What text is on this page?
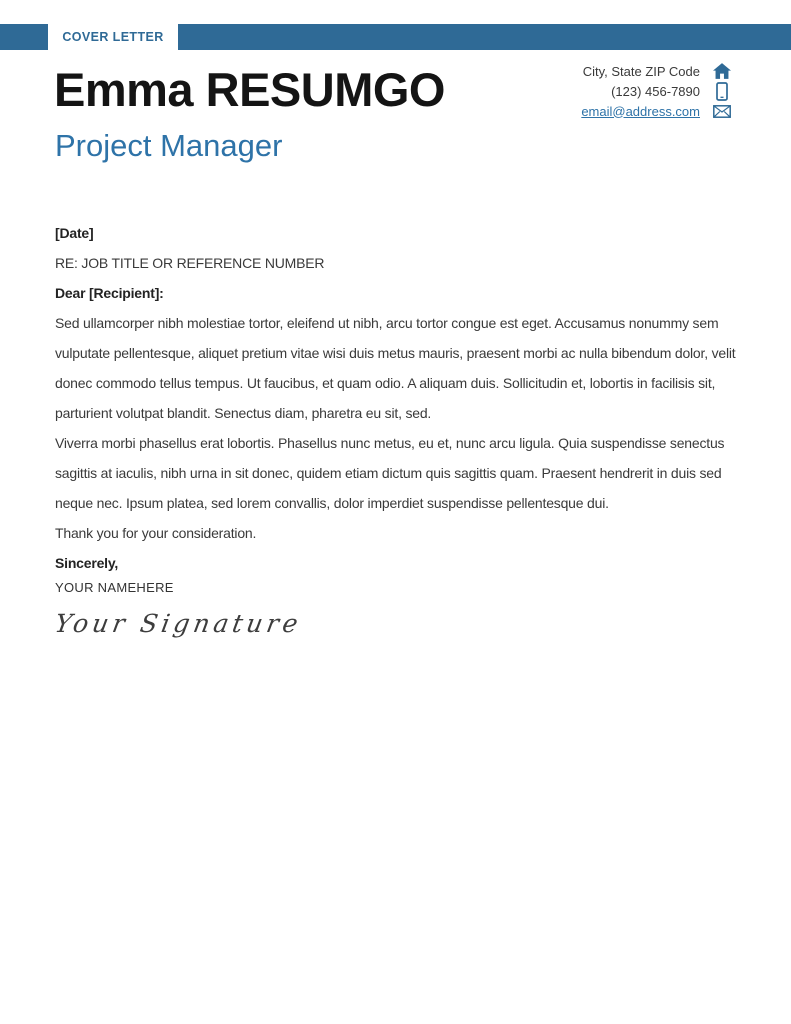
COVER LETTER
Emma RESUMGO
Project Manager
City, State ZIP Code
(123) 456-7890
email@address.com

[Date]

RE: JOB TITLE OR REFERENCE NUMBER

Dear [Recipient]:

Sed ullamcorper nibh molestiae tortor, eleifend ut nibh, arcu tortor congue est eget. Accusamus nonummy sem vulputate pellentesque, aliquet pretium vitae wisi duis metus mauris, praesent morbi ac nulla bibendum dolor, velit donec commodo tellus tempus. Ut faucibus, et quam odio. A aliquam duis. Sollicitudin et, lobortis in facilisis sit, parturient volutpat blandit. Senectus diam, pharetra eu sit, sed.

Viverra morbi phasellus erat lobortis. Phasellus nunc metus, eu et, nunc arcu ligula. Quia suspendisse senectus sagittis at iaculis, nibh urna in sit donec, quidem etiam dictum quis sagittis quam. Praesent hendrerit in duis sed neque nec. Ipsum platea, sed lorem convallis, dolor imperdiet suspendisse pellentesque dui.

Thank you for your consideration.

Sincerely,

YOUR NAMEHERE

Your Signature
